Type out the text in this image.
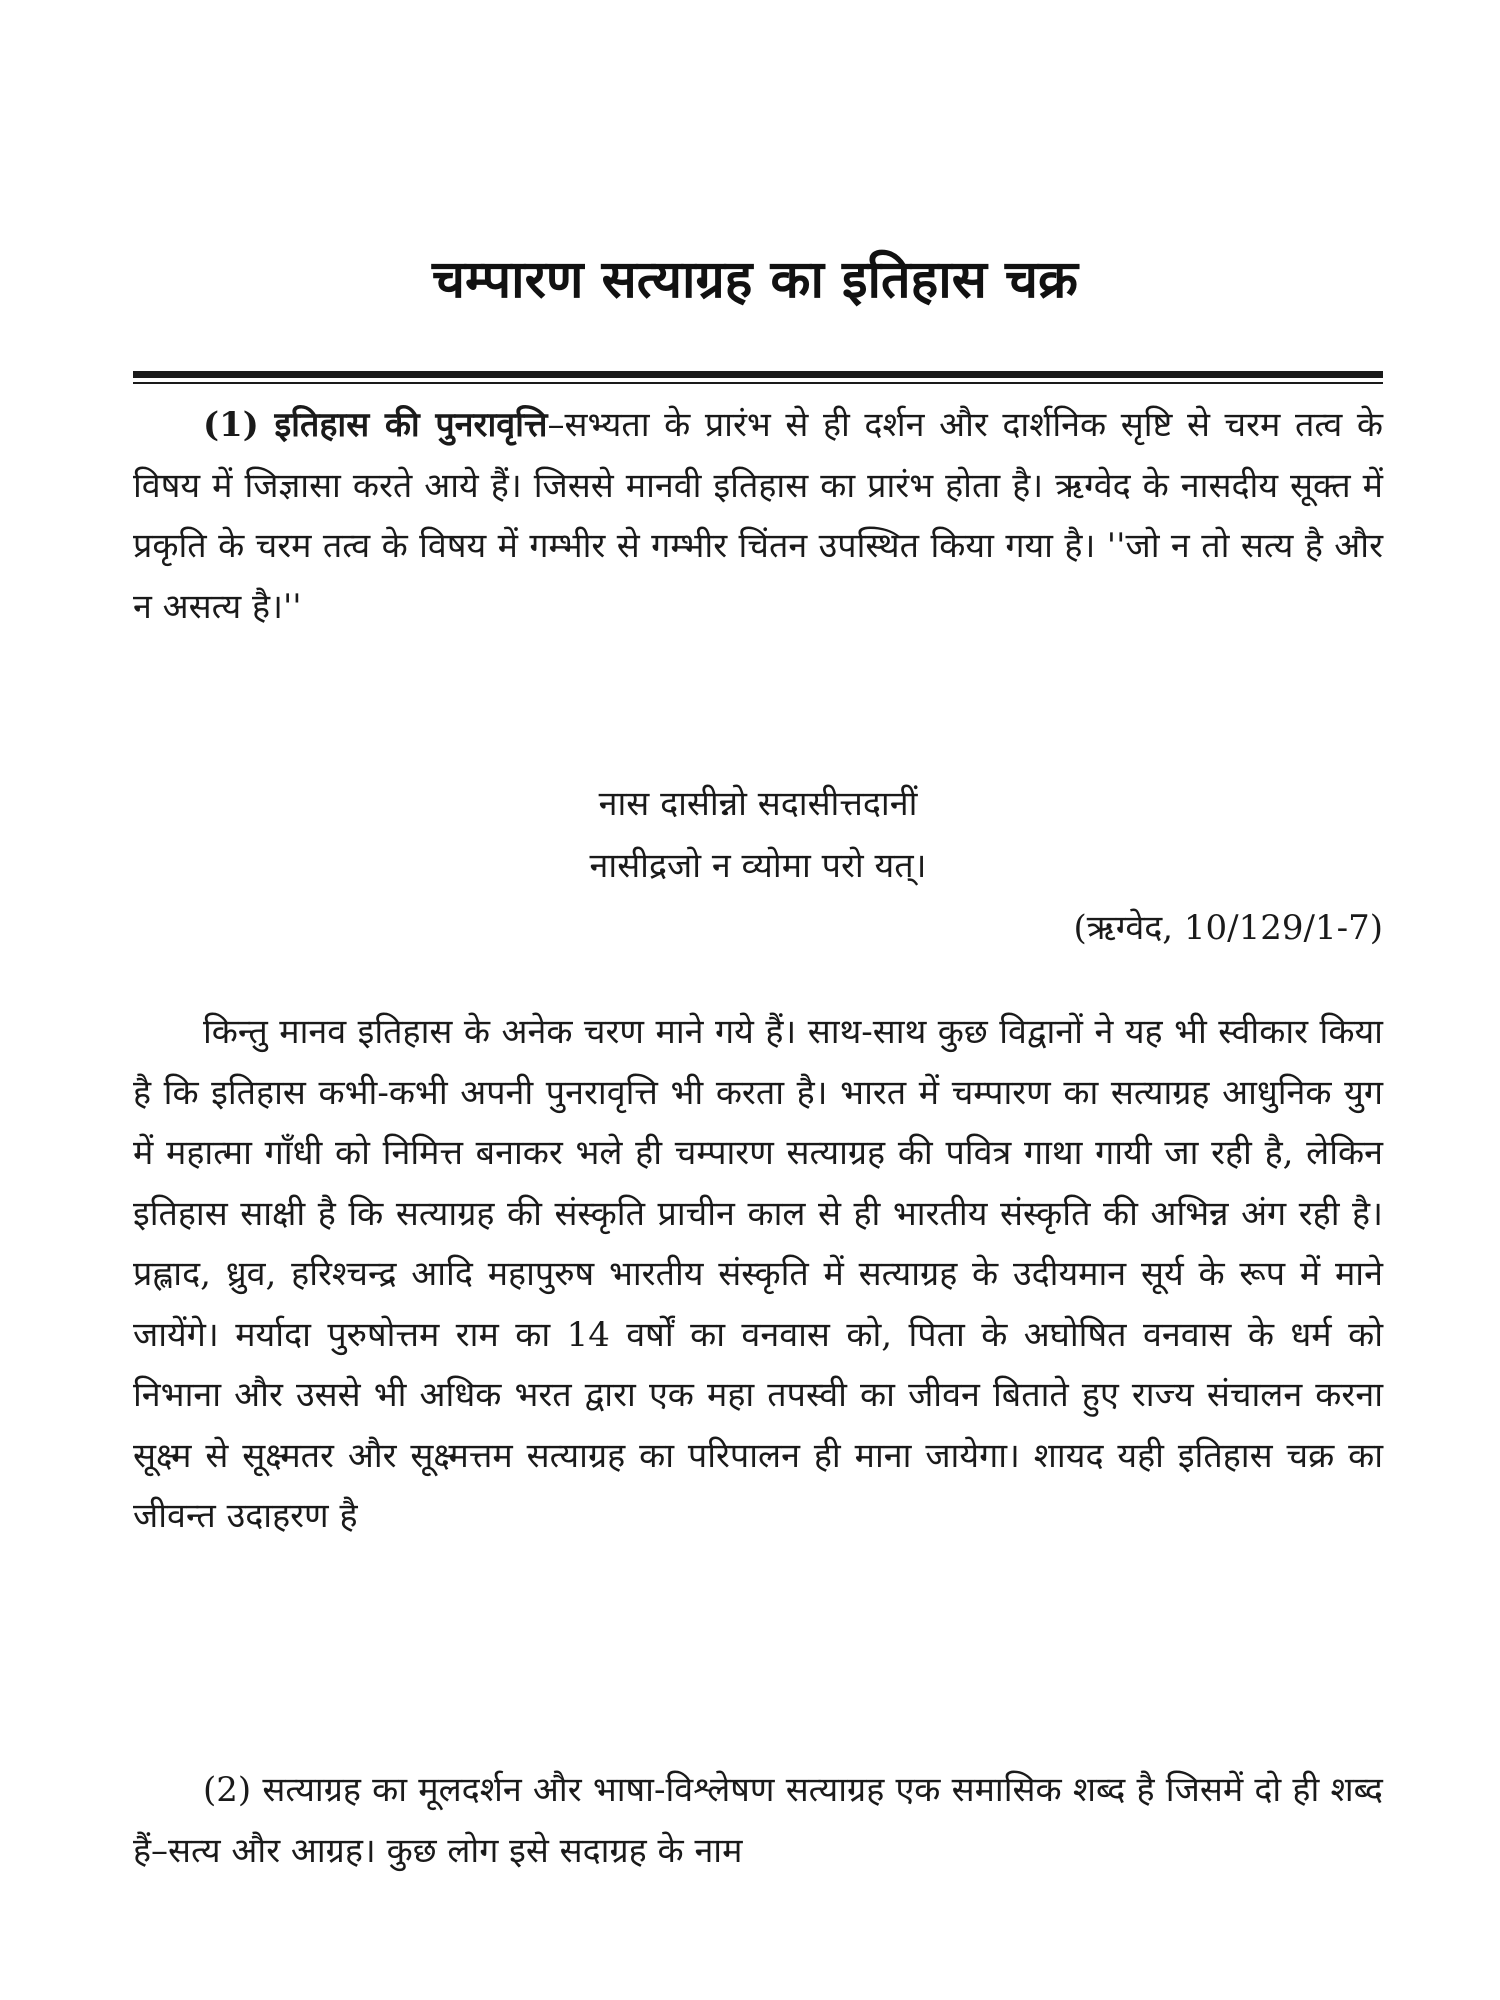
चम्पारण सत्याग्रह का इतिहास चक्र

(1) इतिहास की पुनरावृत्ति–सभ्यता के प्रारंभ से ही दर्शन और दार्शनिक सृष्टि से चरम तत्व के विषय में जिज्ञासा करते आये हैं। जिससे मानवी इतिहास का प्रारंभ होता है। ऋग्वेद के नासदीय सूक्त में प्रकृति के चरम तत्व के विषय में गम्भीर से गम्भीर चिंतन उपस्थित किया गया है। ''जो न तो सत्य है और न असत्य है।''

नास दासीन्नो सदासीत्तदानीं
नासीद्रजो न व्योमा परो यत्।
(ऋग्वेद, 10/129/1-7)

किन्तु मानव इतिहास के अनेक चरण माने गये हैं। साथ-साथ कुछ विद्वानों ने यह भी स्वीकार किया है कि इतिहास कभी-कभी अपनी पुनरावृत्ति भी करता है। भारत में चम्पारण का सत्याग्रह आधुनिक युग में महात्मा गाँधी को निमित्त बनाकर भले ही चम्पारण सत्याग्रह की पवित्र गाथा गायी जा रही है, लेकिन इतिहास साक्षी है कि सत्याग्रह की संस्कृति प्राचीन काल से ही भारतीय संस्कृति की अभिन्न अंग रही है। प्रह्लाद, ध्रुव, हरिश्चन्द्र आदि महापुरुष भारतीय संस्कृति में सत्याग्रह के उदीयमान सूर्य के रूप में माने जायेंगे। मर्यादा पुरुषोत्तम राम का 14 वर्षों का वनवास को, पिता के अघोषित वनवास के धर्म को निभाना और उससे भी अधिक भरत द्वारा एक महा तपस्वी का जीवन बिताते हुए राज्य संचालन करना सूक्ष्म से सूक्ष्मतर और सूक्ष्मत्तम सत्याग्रह का परिपालन ही माना जायेगा। शायद यही इतिहास चक्र का जीवन्त उदाहरण है

(2) सत्याग्रह का मूलदर्शन और भाषा-विश्लेषण सत्याग्रह एक समासिक शब्द है जिसमें दो ही शब्द हैं–सत्य और आग्रह। कुछ लोग इसे सदाग्रह के नाम
